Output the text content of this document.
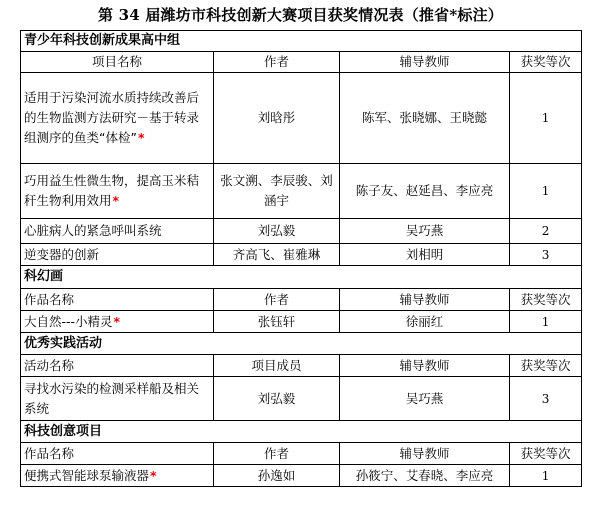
第 34 届潍坊市科技创新大赛项目获奖情况表（推省*标注）
青少年科技创新成果高中组			
项目名称	作者	辅导教师	获奖等次
适用于污染河流水质持续改善后的生物监测方法研究－基于转录组测序的鱼类“体检”*	刘晗彤	陈军、张晓娜、王晓懿	1
巧用益生性微生物，提高玉米秸秆生物利用效用*	张文溯、李辰骏、刘涵宇	陈子友、赵延昌、李应亮	1
心脏病人的紧急呼叫系统	刘弘毅	吴巧燕	2
逆变器的创新	齐高飞、崔雅琳	刘相明	3
科幻画			
作品名称	作者	辅导教师	获奖等次
大自然---小精灵*	张钰轩	徐丽红	1
优秀实践活动			
活动名称	项目成员	辅导教师	获奖等次
寻找水污染的检测采样船及相关系统	刘弘毅	吴巧燕	3
科技创意项目			
作品名称	作者	辅导教师	获奖等次
便携式智能球泵输液器*	孙逸如	孙筱宁、艾春晓、李应亮	1
